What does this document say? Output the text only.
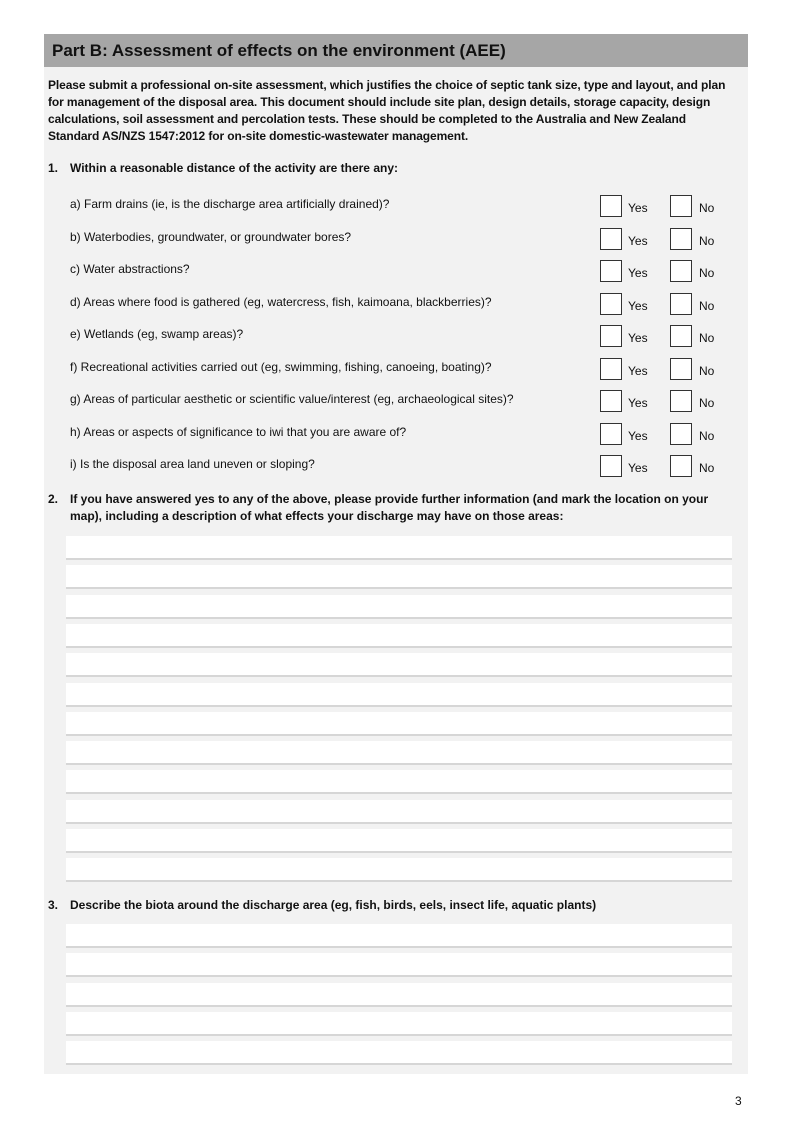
Part B: Assessment of effects on the environment (AEE)
Please submit a professional on-site assessment, which justifies the choice of septic tank size, type and layout, and plan for management of the disposal area. This document should include site plan, design details, storage capacity, design calculations, soil assessment and percolation tests. These should be completed to the Australia and New Zealand Standard AS/NZS 1547:2012 for on-site domestic-wastewater management.
1. Within a reasonable distance of the activity are there any:
a) Farm drains (ie, is the discharge area artificially drained)?	Yes	No
b) Waterbodies, groundwater, or groundwater bores?	Yes	No
c) Water abstractions?	Yes	No
d) Areas where food is gathered (eg, watercress, fish, kaimoana, blackberries)?	Yes	No
e) Wetlands (eg, swamp areas)?	Yes	No
f) Recreational activities carried out (eg, swimming, fishing, canoeing, boating)?	Yes	No
g) Areas of particular aesthetic or scientific value/interest (eg, archaeological sites)?	Yes	No
h) Areas or aspects of significance to iwi that you are aware of?	Yes	No
i) Is the disposal area land uneven or sloping?	Yes	No
2. If you have answered yes to any of the above, please provide further information (and mark the location on your map), including a description of what effects your discharge may have on those areas:
3. Describe the biota around the discharge area (eg, fish, birds, eels, insect life, aquatic plants)
3
